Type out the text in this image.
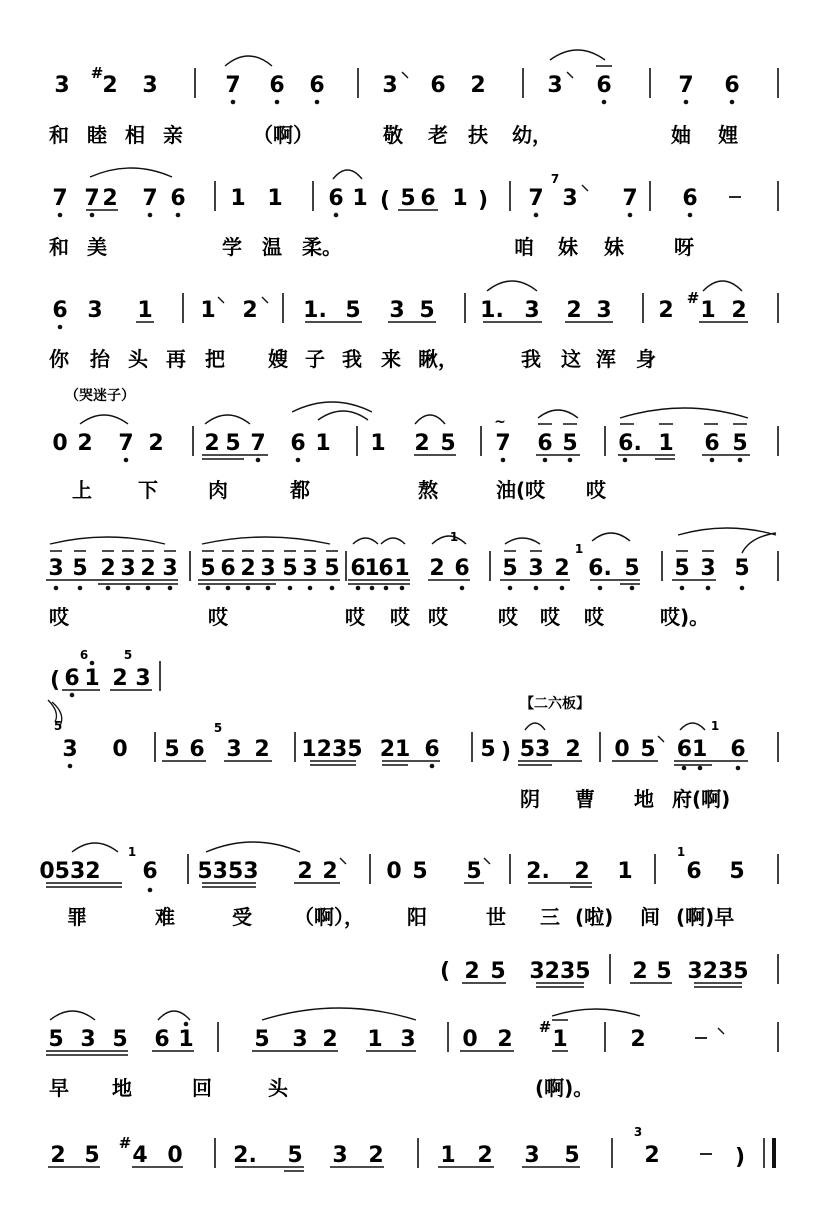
3 # 2 3	7 6 6	3 6 2	3 6	7 6
和 睦 相 亲	（啊）	敬 老 扶 幼，	妯 娌
7 7 2 7 6 1 1 6 1 ( 5 6 1 ) 7
7
3 7 6
和 美	学 温 柔。	咱 妹 妹	呀
6 3 1 1 2 1. 5 3 5 1. 3 2 3 2 # 1 2
你 抬 头 再 把 嫂 子 我 来 瞅，	我 这 浑 身
（哭迷子）
0 2 7 2 2 5 7 6 1 1 2 5
~
7 6 5 6. 1 6 5
上 下	肉	都	熬	油(哎 哎
3 5 2 3 2 3 5 6 2 3 5 3 5 6
1
6 1 2 6 5 3 2 6. 5 5 3 5
1
1
哎	哎	哎 哎 哎	哎 哎 哎	哎)。
( 6 1 2 3
6	5
【二六板】
5
3 0 5 6
5
3 2 1235 21 6 5 ) 53 2 0 5 61
1
6
阴 曹 地 府(啊)
0532
1
6 5353 2 2 0 5 5 2. 2 1
1
6 5
罪	难	受 （啊）， 阳	世 三 (啦) 间 (啊)早
( 2 5 3235 2 5 3235
5 3 5 6 1	5 3 2 1 3 0 2 # 1	2
早 地	回	头	(啊)。
2 5 # 4 0 2. 5 3 2	1 2 3 5
3
2	)
